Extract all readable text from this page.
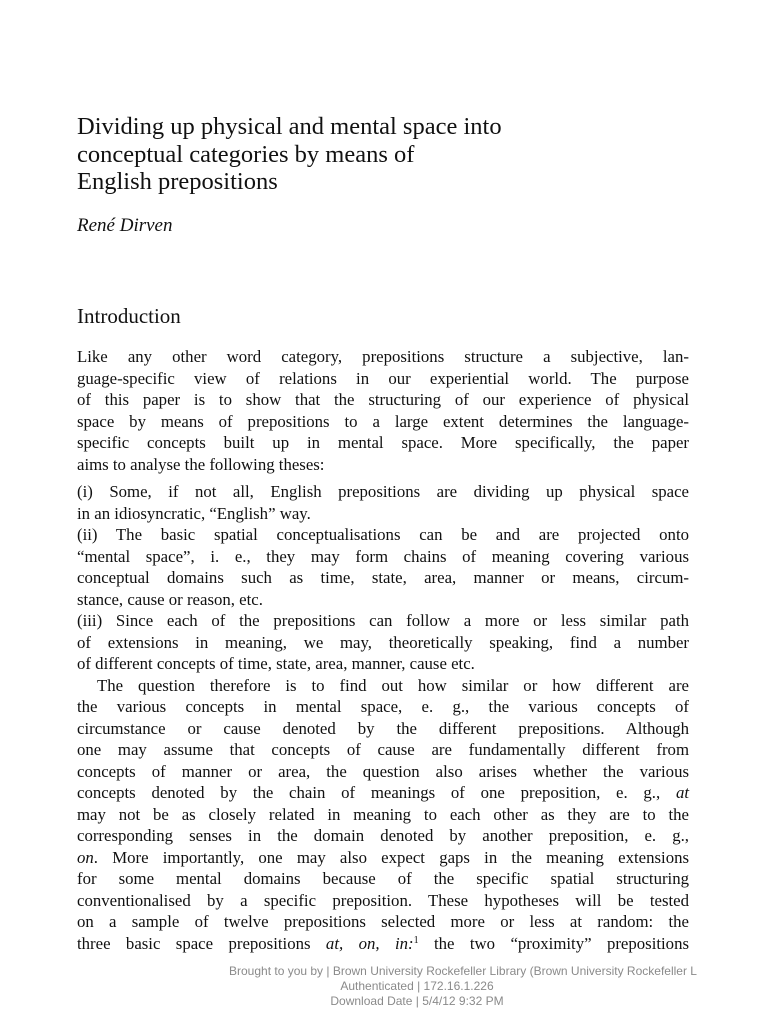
Dividing up physical and mental space into
conceptual categories by means of
English prepositions
René Dirven
Introduction
Like any other word category, prepositions structure a subjective, lan-
guage-specific view of relations in our experiential world. The purpose
of this paper is to show that the structuring of our experience of physical
space by means of prepositions to a large extent determines the language-
specific concepts built up in mental space. More specifically, the paper
aims to analyse the following theses:
(i) Some, if not all, English prepositions are dividing up physical space
in an idiosyncratic, “English” way.
(ii) The basic spatial conceptualisations can be and are projected onto
“mental space”, i. e., they may form chains of meaning covering various
conceptual domains such as time, state, area, manner or means, circum-
stance, cause or reason, etc.
(iii) Since each of the prepositions can follow a more or less similar path
of extensions in meaning, we may, theoretically speaking, find a number
of different concepts of time, state, area, manner, cause etc.
The question therefore is to find out how similar or how different are
the various concepts in mental space, e. g., the various concepts of
circumstance or cause denoted by the different prepositions. Although
one may assume that concepts of cause are fundamentally different from
concepts of manner or area, the question also arises whether the various
concepts denoted by the chain of meanings of one preposition, e. g., at
may not be as closely related in meaning to each other as they are to the
corresponding senses in the domain denoted by another preposition, e. g.,
on. More importantly, one may also expect gaps in the meaning extensions
for some mental domains because of the specific spatial structuring
conventionalised by a specific preposition. These hypotheses will be tested
on a sample of twelve prepositions selected more or less at random: the
three basic space prepositions at, on, in:$^1$ the two “proximity” prepositions
Brought to you by | Brown University Rockefeller Library (Brown University Rockefeller L
Authenticated | 172.16.1.226
Download Date | 5/4/12 9:32 PM
